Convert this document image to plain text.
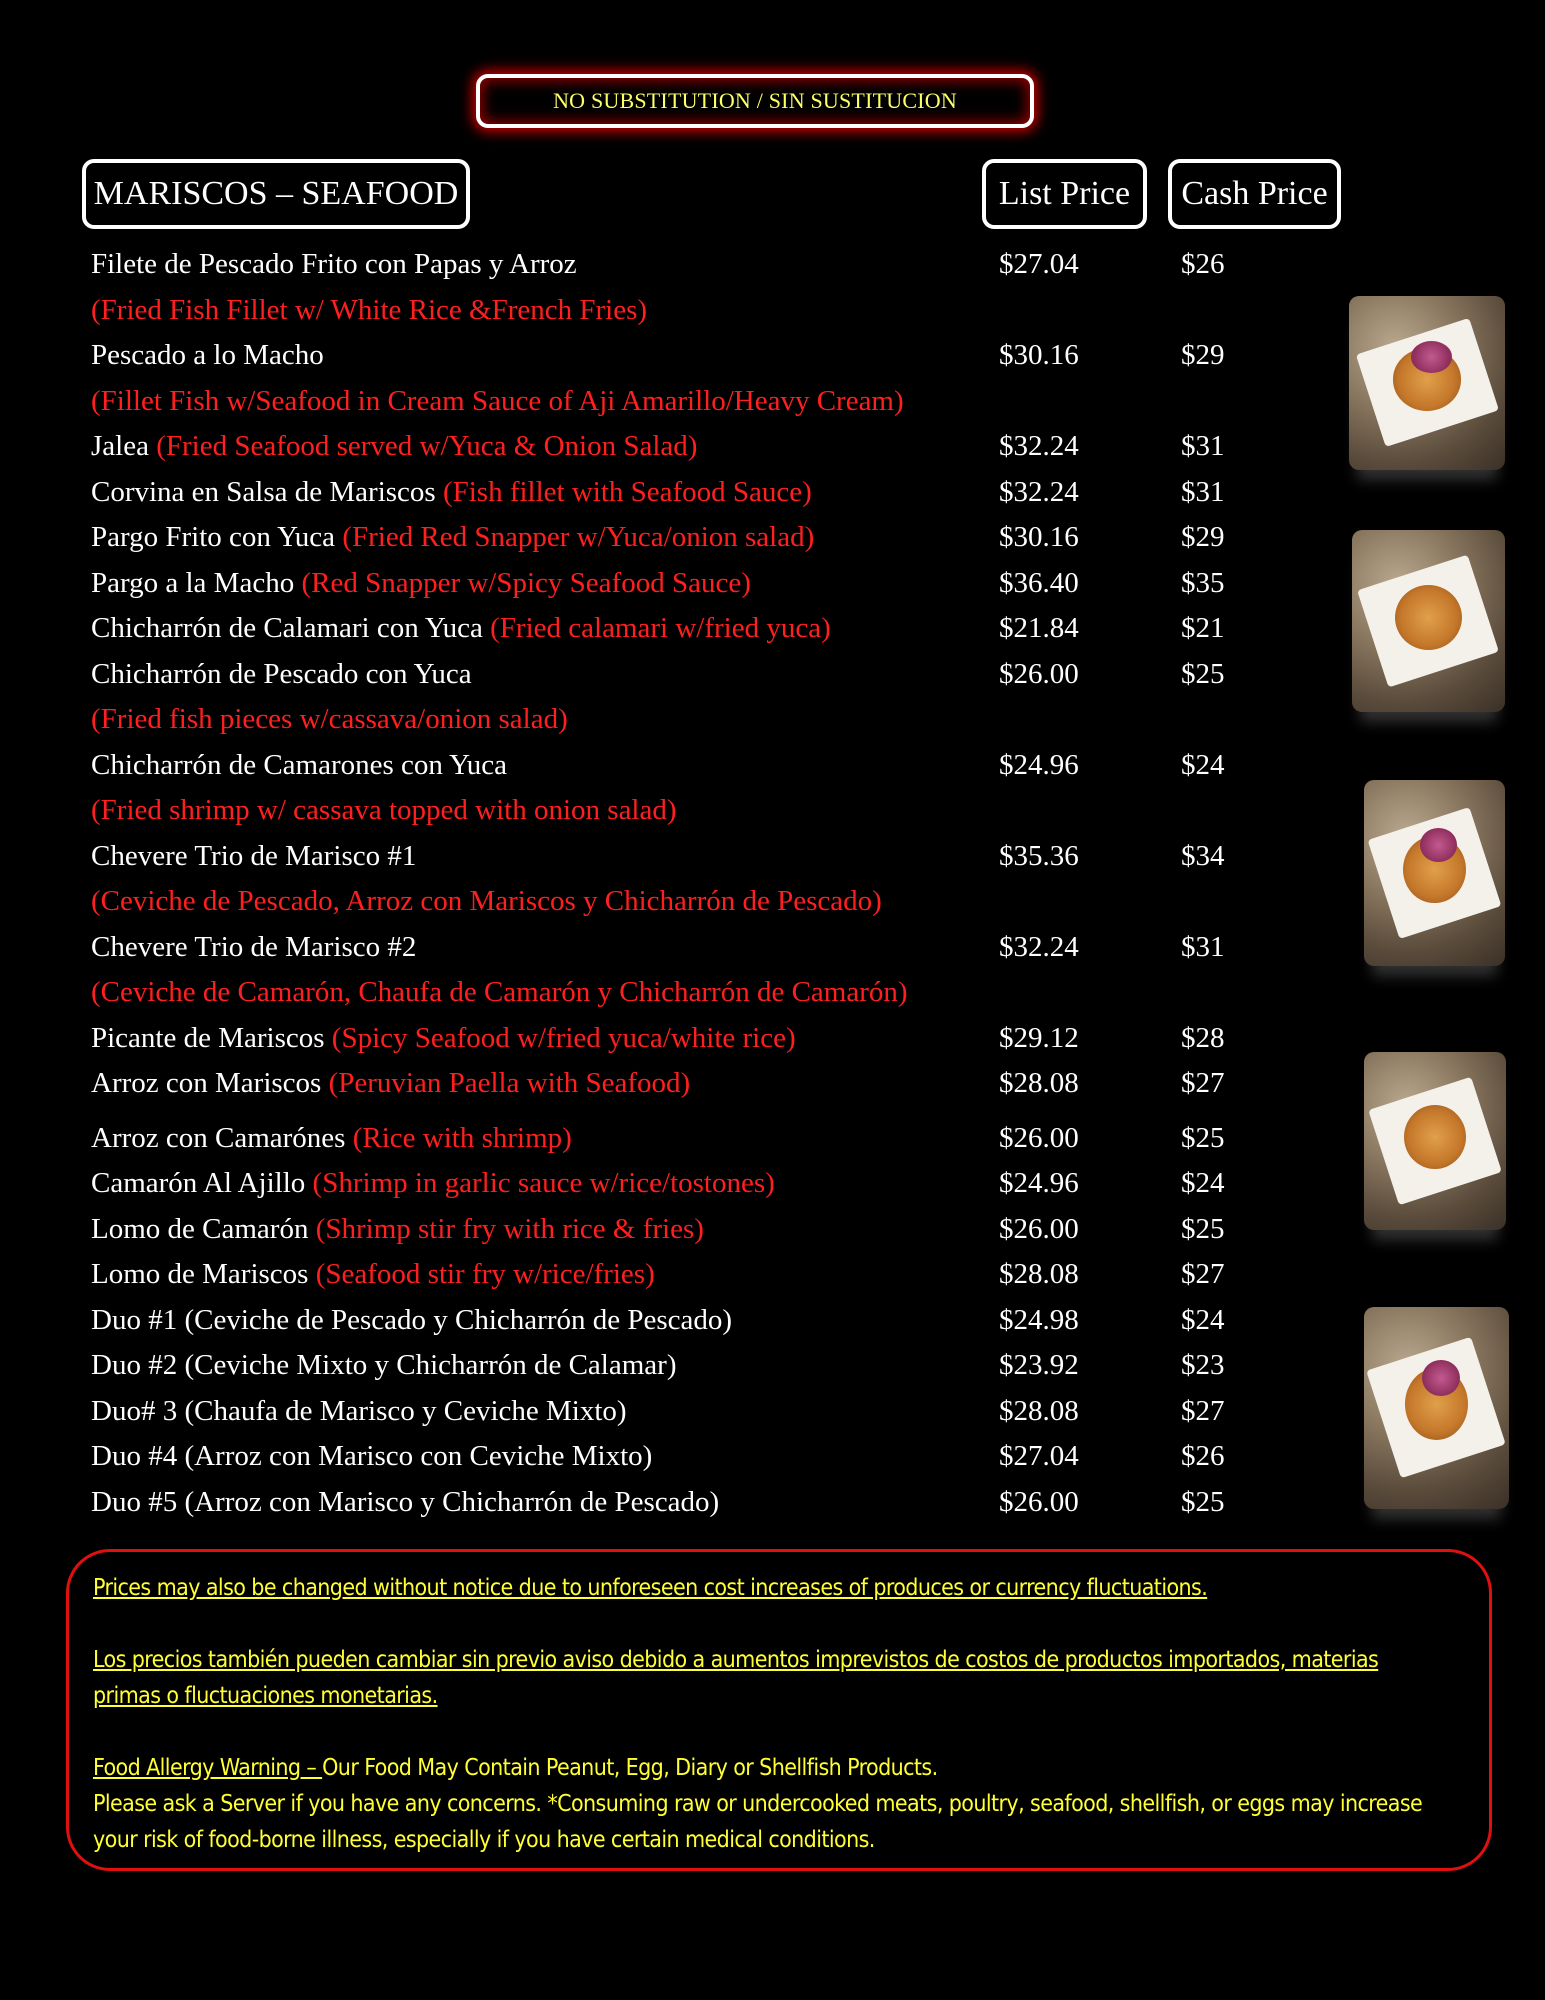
NO SUBSTITUTION / SIN SUSTITUCION
MARISCOS – SEAFOOD	List Price	Cash Price
Filete de Pescado Frito con Papas y Arroz	$27.04	$26
(Fried Fish Fillet w/ White Rice &French Fries)
Pescado a lo Macho	$30.16	$29
(Fillet Fish w/Seafood in Cream Sauce of Aji Amarillo/Heavy Cream)
Jalea (Fried Seafood served w/Yuca & Onion Salad)	$32.24	$31
Corvina en Salsa de Mariscos (Fish fillet with Seafood Sauce)	$32.24	$31
Pargo Frito con Yuca (Fried Red Snapper w/Yuca/onion salad)	$30.16	$29
Pargo a la Macho (Red Snapper w/Spicy Seafood Sauce)	$36.40	$35
Chicharrón de Calamari con Yuca (Fried calamari w/fried yuca)	$21.84	$21
Chicharrón de Pescado con Yuca	$26.00	$25
(Fried fish pieces w/cassava/onion salad)
Chicharrón de Camarones con Yuca	$24.96	$24
(Fried shrimp w/ cassava topped with onion salad)
Chevere Trio de Marisco #1	$35.36	$34
(Ceviche de Pescado, Arroz con Mariscos y Chicharrón de Pescado)
Chevere Trio de Marisco #2	$32.24	$31
(Ceviche de Camarón, Chaufa de Camarón y Chicharrón de Camarón)
Picante de Mariscos (Spicy Seafood w/fried yuca/white rice)	$29.12	$28
Arroz con Mariscos (Peruvian Paella with Seafood)	$28.08	$27
Arroz con Camarónes (Rice with shrimp)	$26.00	$25
Camarón Al Ajillo (Shrimp in garlic sauce w/rice/tostones)	$24.96	$24
Lomo de Camarón (Shrimp stir fry with rice & fries)	$26.00	$25
Lomo de Mariscos (Seafood stir fry w/rice/fries)	$28.08	$27
Duo #1 (Ceviche de Pescado y Chicharrón de Pescado)	$24.98	$24
Duo #2 (Ceviche Mixto y Chicharrón de Calamar)	$23.92	$23
Duo# 3 (Chaufa de Marisco y Ceviche Mixto)	$28.08	$27
Duo #4 (Arroz con Marisco con Ceviche Mixto)	$27.04	$26
Duo #5 (Arroz con Marisco y Chicharrón de Pescado)	$26.00	$25

Prices may also be changed without notice due to unforeseen cost increases of produces or currency fluctuations.

Los precios también pueden cambiar sin previo aviso debido a aumentos imprevistos de costos de productos importados, materias

primas o fluctuaciones monetarias.

Food Allergy Warning – Our Food May Contain Peanut, Egg, Diary or Shellfish Products.

Please ask a Server if you have any concerns. *Consuming raw or undercooked meats, poultry, seafood, shellfish, or eggs may increase

your risk of food-borne illness, especially if you have certain medical conditions.
